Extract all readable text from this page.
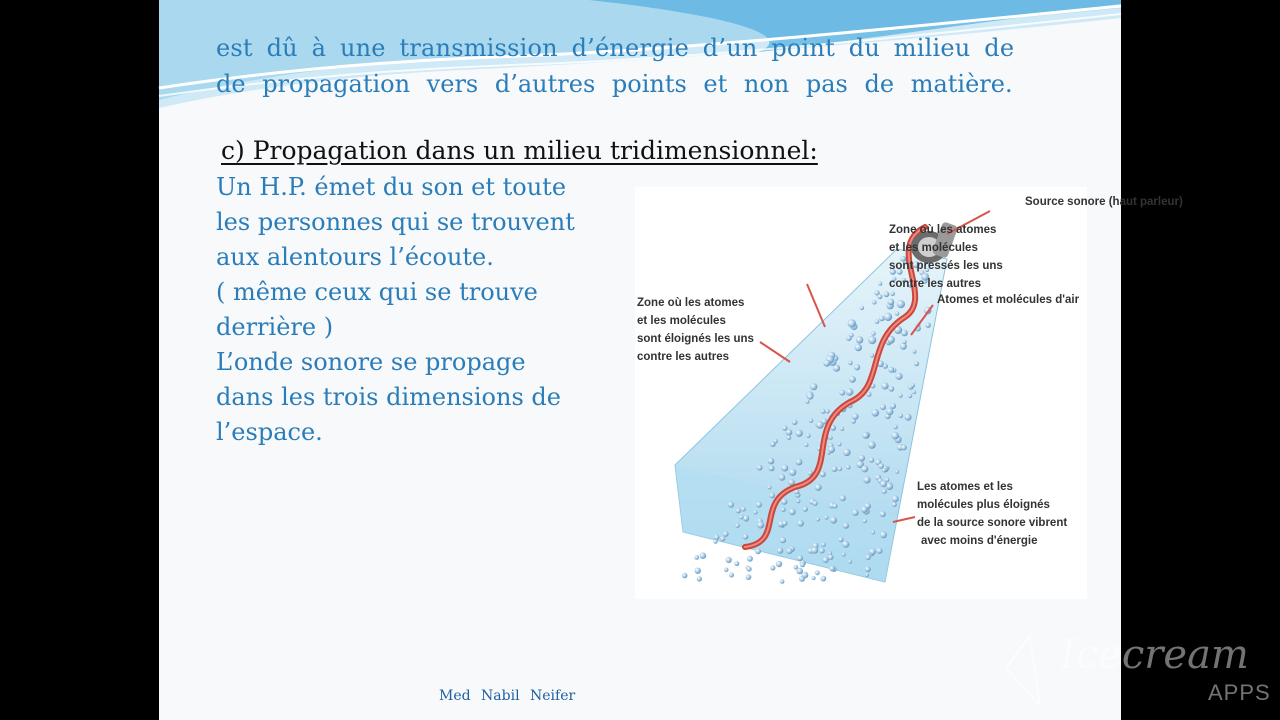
est dû à une transmission d’énergie d’un point du milieu de

de propagation vers d’autres points et non pas de matière.

c) Propagation dans un milieu tridimensionnel:

Un H.P. émet du son et toute

les personnes qui se trouvent

aux alentours l’écoute.

( même ceux qui se trouve

derrière )

L’onde sonore se propage

dans les trois dimensions de

l’espace.

Source sonore (haut parleur)
Zone où les atomes
et les molécules
sont pressés les uns
contre les autres
Zone où les atomes
et les molécules
sont éloignés les uns
contre les autres
Atomes et molécules d'air
Les atomes et les
molécules plus éloignés
de la source sonore vibrent
avec moins d'énergie
Med Nabil Neifer
Icecream
APPS
